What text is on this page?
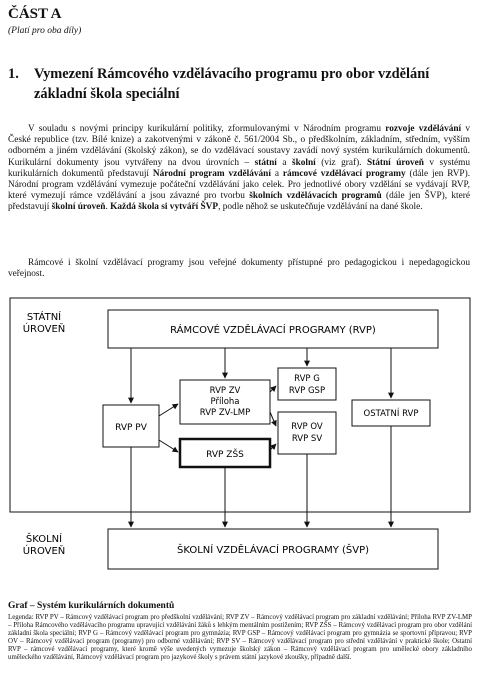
ČÁST A
(Platí pro oba díly)
1. Vymezení Rámcového vzdělávacího programu pro obor vzdělání základní škola speciální
V souladu s novými principy kurikulární politiky, zformulovanými v Národním programu rozvoje vzdělávání v České republice (tzv. Bílé knize) a zakotvenými v zákoně č. 561/2004 Sb., o předškolním, základním, středním, vyšším odborném a jiném vzdělávání (školský zákon), se do vzdělávací soustavy zavádí nový systém kurikulárních dokumentů. Kurikulární dokumenty jsou vytvářeny na dvou úrovních – státní a školní (viz graf). Státní úroveň v systému kurikulárních dokumentů představují Národní program vzdělávání a rámcové vzdělávací programy (dále jen RVP). Národní program vzdělávání vymezuje počáteční vzdělávání jako celek. Pro jednotlivé obory vzdělání se vydávají RVP, které vymezují rámce vzdělávání a jsou závazné pro tvorbu školních vzdělávacích programů (dále jen ŠVP), které představují školní úroveň. Každá škola si vytváří ŠVP, podle něhož se uskutečňuje vzdělávání na dané škole.
Rámcové i školní vzdělávací programy jsou veřejné dokumenty přístupné pro pedagogickou i nepedagogickou veřejnost.
STÁTNÍ
ÚROVEŇ	RÁMCOVÉ VZDĚLÁVACÍ PROGRAMY (RVP)
RVP PV
RVP ZV
Příloha
RVP ZV-LMP
RVP ZŠS
RVP G
RVP GSP
RVP OV
RVP SV
OSTATNÍ RVP
ŠKOLNÍ
ÚROVEŇ	ŠKOLNÍ VZDĚLÁVACÍ PROGRAMY (ŠVP)
Graf – Systém kurikulárních dokumentů
Legenda: RVP PV – Rámcový vzdělávací program pro předškolní vzdělávání; RVP ZV – Rámcový vzdělávací program pro základní vzdělávání; Příloha RVP ZV-LMP – Příloha Rámcového vzdělávacího programu upravující vzdělávání žáků s lehkým mentálním postižením; RVP ZŠS – Rámcový vzdělávací program pro obor vzdělání základní škola speciální; RVP G – Rámcový vzdělávací program pro gymnázia; RVP GSP – Rámcový vzdělávací program pro gymnázia se sportovní přípravou; RVP OV – Rámcový vzdělávací program (programy) pro odborné vzdělávání; RVP SV – Rámcový vzdělávací program pro střední vzdělávání v praktické škole; Ostatní RVP – rámcové vzdělávací programy, které kromě výše uvedených vymezuje školský zákon – Rámcový vzdělávací program pro umělecké obory základního uměleckého vzdělávání, Rámcový vzdělávací program pro jazykové školy s právem státní jazykové zkoušky, případně další.
